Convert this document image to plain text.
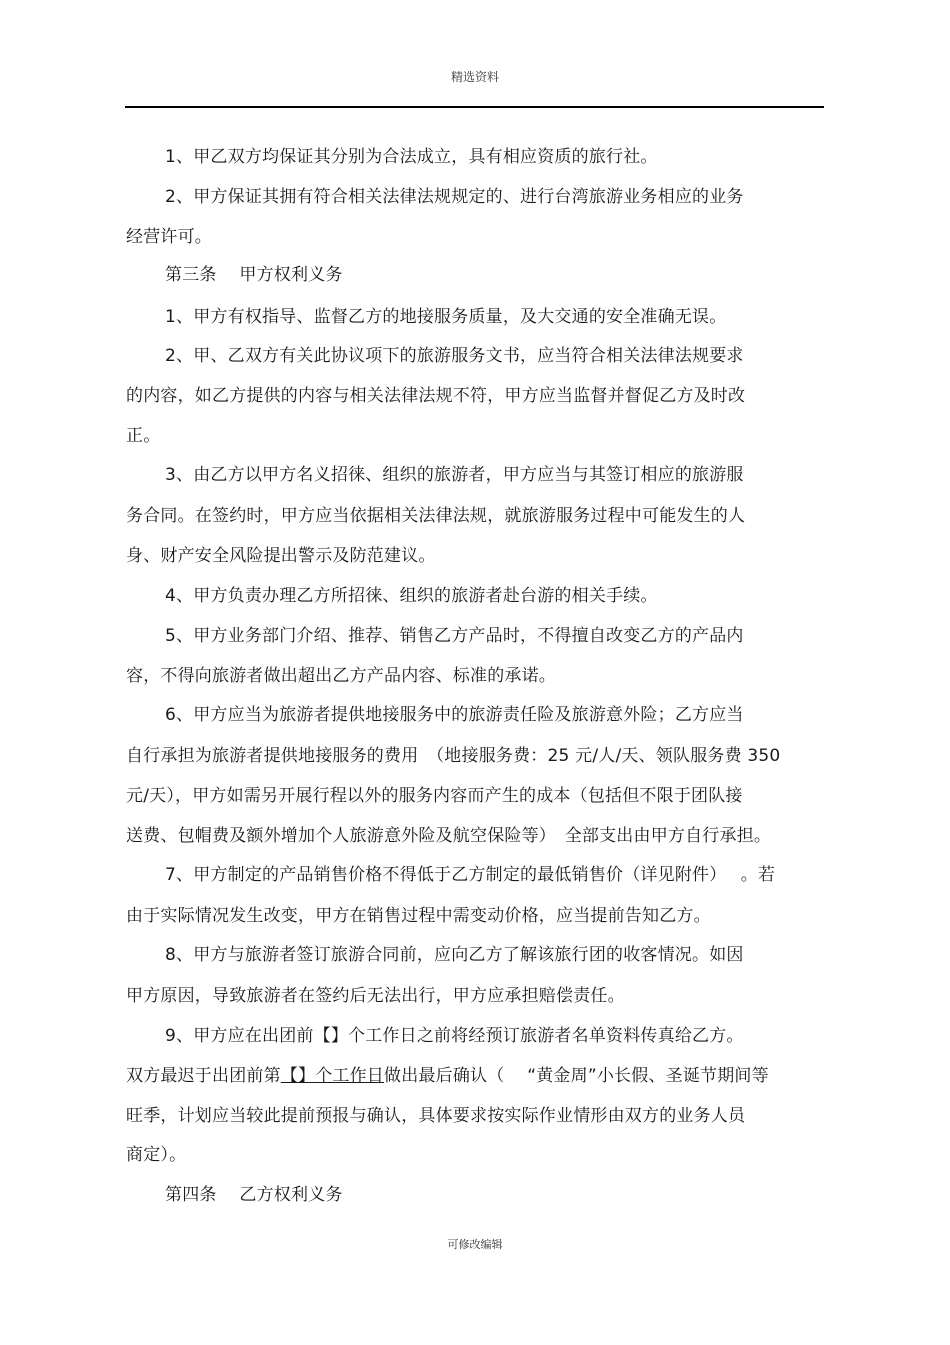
精选资料
1、甲乙双方均保证其分别为合法成立，具有相应资质的旅行社。
2、甲方保证其拥有符合相关法律法规规定的、进行台湾旅游业务相应的业务
经营许可。
第三条　 甲方权利义务
1、甲方有权指导、监督乙方的地接服务质量，及大交通的安全准确无误。
2、甲、乙双方有关此协议项下的旅游服务文书，应当符合相关法律法规要求
的内容，如乙方提供的内容与相关法律法规不符，甲方应当监督并督促乙方及时改
正。
3、由乙方以甲方名义招徕、组织的旅游者，甲方应当与其签订相应的旅游服
务合同。在签约时，甲方应当依据相关法律法规，就旅游服务过程中可能发生的人
身、财产安全风险提出警示及防范建议。
4、甲方负责办理乙方所招徕、组织的旅游者赴台游的相关手续。
5、甲方业务部门介绍、推荐、销售乙方产品时，不得擅自改变乙方的产品内
容，不得向旅游者做出超出乙方产品内容、标准的承诺。
6、甲方应当为旅游者提供地接服务中的旅游责任险及旅游意外险；乙方应当
自行承担为旅游者提供地接服务的费用　（地接服务费：25 元/人/天、领队服务费 350
元/天），甲方如需另开展行程以外的服务内容而产生的成本（包括但不限于团队接
送费、包帽费及额外增加个人旅游意外险及航空保险等）　全部支出由甲方自行承担。
7、甲方制定的产品销售价格不得低于乙方制定的最低销售价（详见附件）　 。若
由于实际情况发生改变，甲方在销售过程中需变动价格，应当提前告知乙方。
8、甲方与旅游者签订旅游合同前，应向乙方了解该旅行团的收客情况。如因
甲方原因，导致旅游者在签约后无法出行，甲方应承担赔偿责任。
9、甲方应在出团前【】个工作日之前将经预订旅游者名单资料传真给乙方。
双方最迟于出团前第【】个工作日做出最后确认（　 “黄金周”小长假、圣诞节期间等
旺季，计划应当较此提前预报与确认，具体要求按实际作业情形由双方的业务人员
商定）。
第四条　 乙方权利义务
可修改编辑
